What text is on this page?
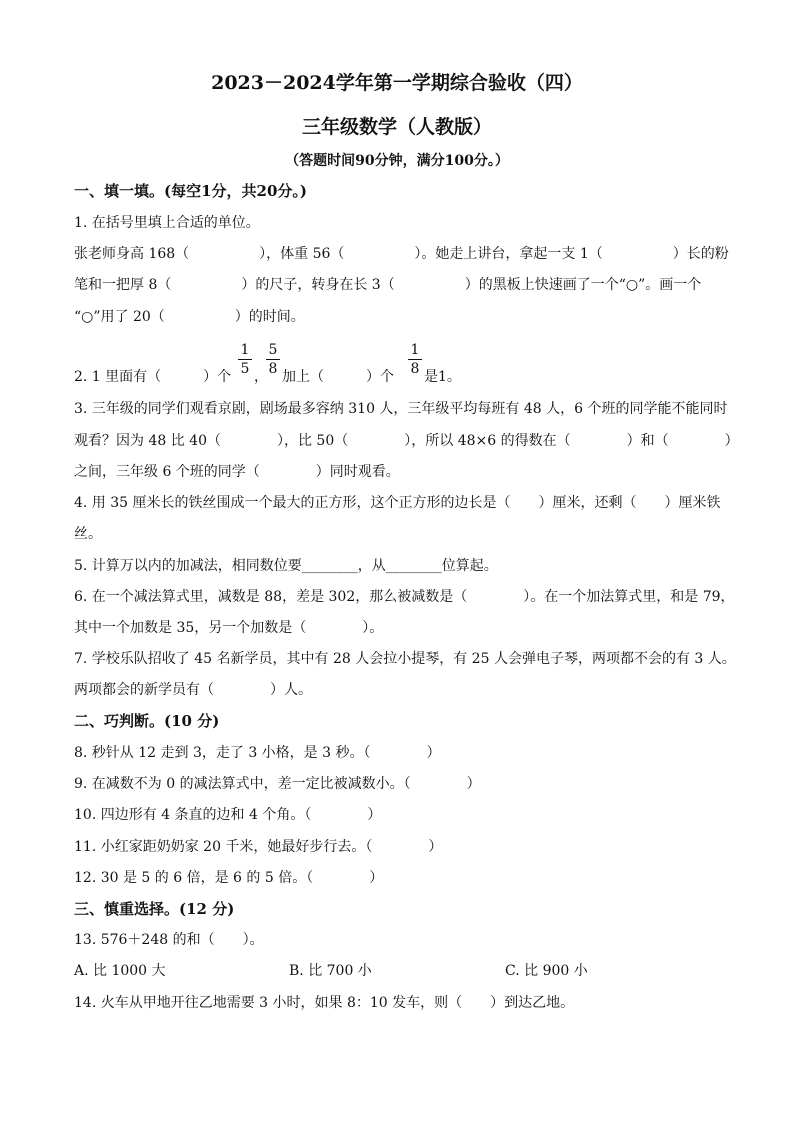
2023－2024学年第一学期综合验收（四）
三年级数学（人教版）
（答题时间90分钟，满分100分。）
一、填一填。(每空1分，共20分。)
1. 在括号里填上合适的单位。
张老师身高 168（　　　　　），体重 56（　　　　　）。她走上讲台，拿起一支 1（　　　　　）长的粉
笔和一把厚 8（　　　　　）的尺子，转身在长 3（　　　　　）的黑板上快速画了一个“○”。画一个
“○”用了 20（　　　　　）的时间。
2. 1 里面有（　　　）个
1
5 ，
5
8 加上（　　　）个
1
8 是1。
3. 三年级的同学们观看京剧，剧场最多容纳 310 人，三年级平均每班有 48 人，6 个班的同学能不能同时
观看？因为 48 比 40（　　　　），比 50（　　　　），所以 48×6 的得数在（　　　　）和（　　　　）
之间，三年级 6 个班的同学（　　　　）同时观看。
4. 用 35 厘米长的铁丝围成一个最大的正方形，这个正方形的边长是（　　）厘米，还剩（　　）厘米铁
丝。
5. 计算万以内的加减法，相同数位要________，从________位算起。
6. 在一个减法算式里，减数是 88，差是 302，那么被减数是（　　　　）。在一个加法算式里，和是 79，
其中一个加数是 35，另一个加数是（　　　　）。
7. 学校乐队招收了 45 名新学员，其中有 28 人会拉小提琴，有 25 人会弹电子琴，两项都不会的有 3 人。
两项都会的新学员有（　　　　）人。
二、巧判断。(10 分)
8. 秒针从 12 走到 3，走了 3 小格，是 3 秒。（　　　　）
9. 在减数不为 0 的减法算式中，差一定比被减数小。（　　　　）
10. 四边形有 4 条直的边和 4 个角。（　　　　）
11. 小红家距奶奶家 20 千米，她最好步行去。（　　　　）
12. 30 是 5 的 6 倍，是 6 的 5 倍。（　　　　）
三、慎重选择。(12 分)
13. 576＋248 的和（　　）。
A. 比 1000 大	B. 比 700 小	C. 比 900 小
14. 火车从甲地开往乙地需要 3 小时，如果 8：10 发车，则（　　）到达乙地。
